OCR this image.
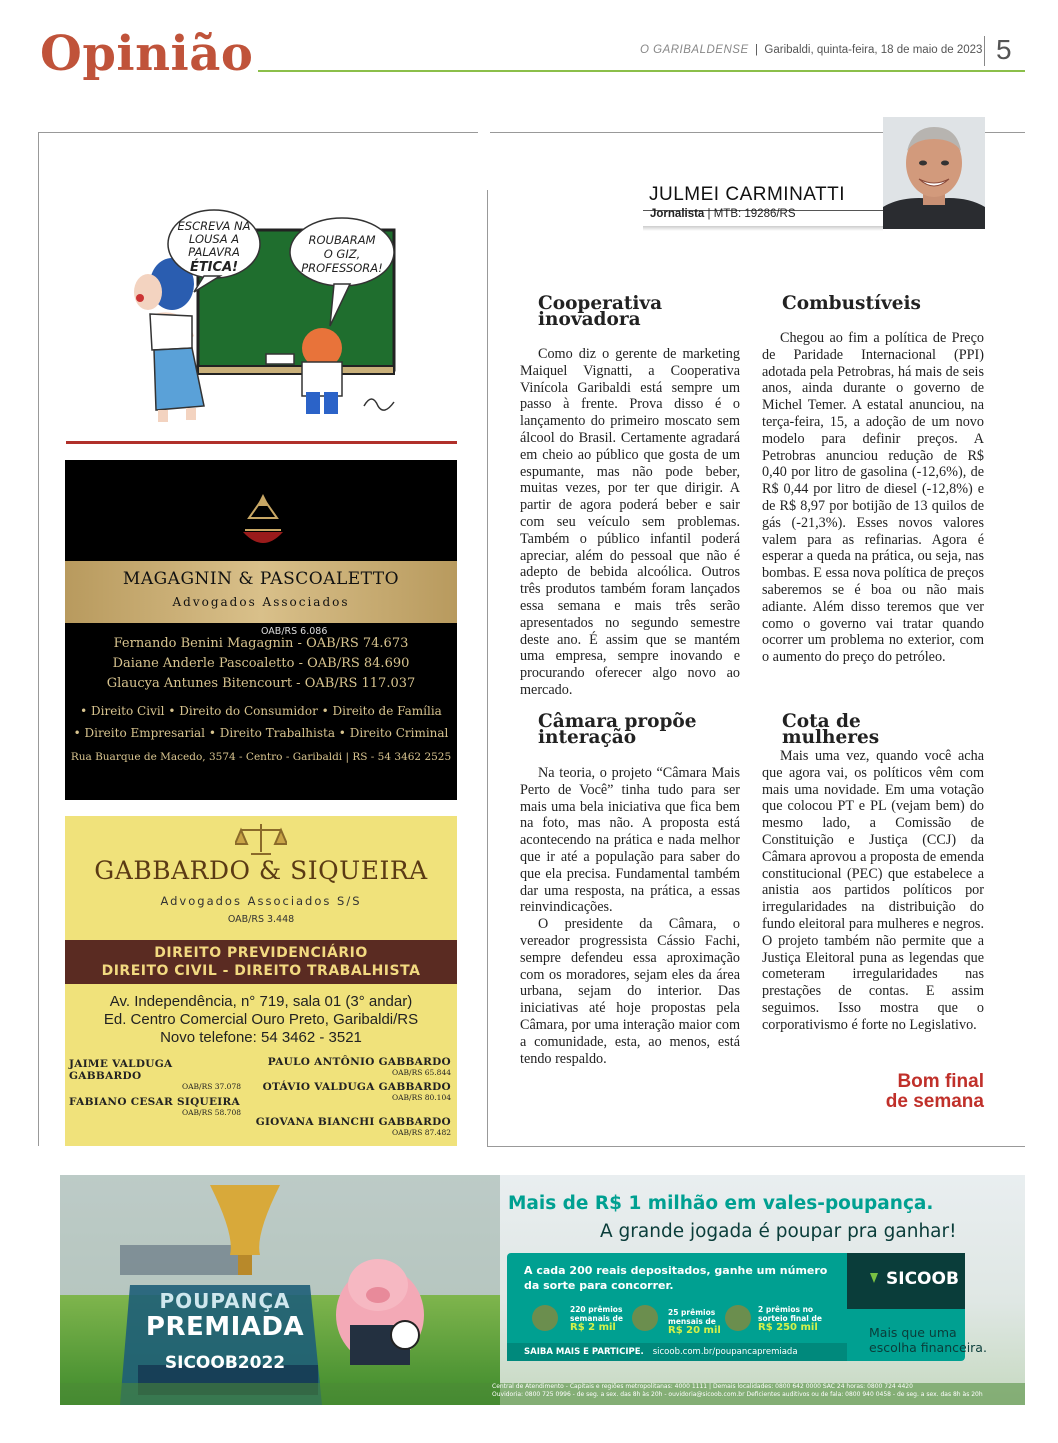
Opinião	O GARIBALDENSE  |  Garibaldi, quinta-feira, 18 de maio de 2023 5
ESCREVA NA
LOUSA A
PALAVRA
ÉTICA!
ROUBARAM
O GIZ,
PROFESSORA!
MAGAGNIN & PASCOALETTO
Advogados Associados
OAB/RS 6.086
Fernando Benini Magagnin - OAB/RS 74.673
Daiane Anderle Pascoaletto - OAB/RS 84.690
Glaucya Antunes Bitencourt - OAB/RS 117.037
• Direito Civil • Direito do Consumidor • Direito de Família
• Direito Empresarial • Direito Trabalhista • Direito Criminal
Rua Buarque de Macedo, 3574 - Centro - Garibaldi | RS - 54 3462 2525
GABBARDO & SIQUEIRA
Advogados Associados S/S
OAB/RS 3.448
DIREITO PREVIDENCIÁRIO
DIREITO CIVIL - DIREITO TRABALHISTA
Av. Independência, n° 719, sala 01 (3° andar)
Ed. Centro Comercial Ouro Preto, Garibaldi/RS
Novo telefone: 54 3462 - 3521
JAIME VALDUGA GABBARDO
OAB/RS 37.078
FABIANO CESAR SIQUEIRA
OAB/RS 58.708
PAULO ANTÔNIO GABBARDO
OAB/RS 65.844
OTÁVIO VALDUGA GABBARDO
OAB/RS 80.104
GIOVANA BIANCHI GABBARDO
OAB/RS 87.482
JULMEI CARMINATTI
Jornalista | MTB: 19286/RS
Cooperativa
inovadora

Como diz o gerente de marketing Maiquel Vignatti, a Cooperativa Vinícola Garibaldi está sempre um passo à frente. Prova disso é o lançamento do primeiro moscato sem álcool do Brasil. Certamente agradará em cheio ao público que gosta de um espumante, mas não pode beber, muitas vezes, por ter que dirigir. A partir de agora poderá beber e sair com seu veículo sem problemas. Também o público infantil poderá apreciar, além do pessoal que não é adepto de bebida alcoólica. Outros três produtos também foram lançados essa semana e mais três serão apresentados no segundo semestre deste ano. É assim que se mantém uma empresa, sempre inovando e procurando oferecer algo novo ao mercado.

Câmara propõe
interação

Na teoria, o projeto “Câmara Mais Perto de Você” tinha tudo para ser mais uma bela iniciativa que fica bem na foto, mas não. A proposta está acontecendo na prática e nada melhor que ir até a população para saber do que ela precisa. Fundamental também dar uma resposta, na prática, a essas reinvindicações.

O presidente da Câmara, o vereador progressista Cássio Fachi, sempre defendeu essa aproximação com os moradores, sejam eles da área urbana, sejam do interior. Das iniciativas até hoje propostas pela Câmara, por uma interação maior com a comunidade, esta, ao menos, está tendo respaldo.

Combustíveis

Chegou ao fim a política de Preço de Paridade Internacional (PPI) adotada pela Petrobras, há mais de seis anos, ainda durante o governo de Michel Temer. A estatal anunciou, na terça-feira, 15, a adoção de um novo modelo para definir preços. A Petrobras anunciou redução de R$ 0,40 por litro de gasolina (-12,6%), de R$ 0,44 por litro de diesel (-12,8%) e de R$ 8,97 por botijão de 13 quilos de gás (-21,3%). Esses novos valores valem para as refinarias. Agora é esperar a queda na prática, ou seja, nas bombas. E essa nova política de preços saberemos se é boa ou não mais adiante. Além disso teremos que ver como o governo vai tratar quando ocorrer um problema no exterior, com o aumento do preço do petróleo.

Cota de
mulheres

Mais uma vez, quando você acha que agora vai, os políticos vêm com mais uma novidade. Em uma votação que colocou PT e PL (vejam bem) do mesmo lado, a Comissão de Constituição e Justiça (CCJ) da Câmara aprovou a proposta de emenda constitucional (PEC) que estabelece a anistia aos partidos políticos por irregularidades na distribuição do fundo eleitoral para mulheres e negros. O projeto também não permite que a Justiça Eleitoral puna as legendas que cometeram irregularidades nas prestações de contas. E assim seguimos. Isso mostra que o corporativismo é forte no Legislativo.

Bom final
de semana
Mais de R$ 1 milhão em vales-poupança.
A grande jogada é poupar pra ganhar!
A cada 200 reais depositados, ganhe um número
da sorte para concorrer.
220 prêmios
semanais de
R$ 2 mil
25 prêmios
mensais de
R$ 20 mil
2 prêmios no
sorteio final de
R$ 250 mil
SAIBA MAIS E PARTICIPE. sicoob.com.br/poupancapremiada
SICOOB
Mais que uma
escolha financeira.
POUPANÇA
PREMIADA
SICOOB2022
Central de Atendimento - Capitais e regiões metropolitanas: 4000 1111 | Demais localidades: 0800 642 0000 SAC 24 horas: 0800 724 4420
Ouvidoria: 0800 725 0996 - de seg. a sex. das 8h às 20h - ouvidoria@sicoob.com.br Deficientes auditivos ou de fala: 0800 940 0458 - de seg. a sex. das 8h às 20h
